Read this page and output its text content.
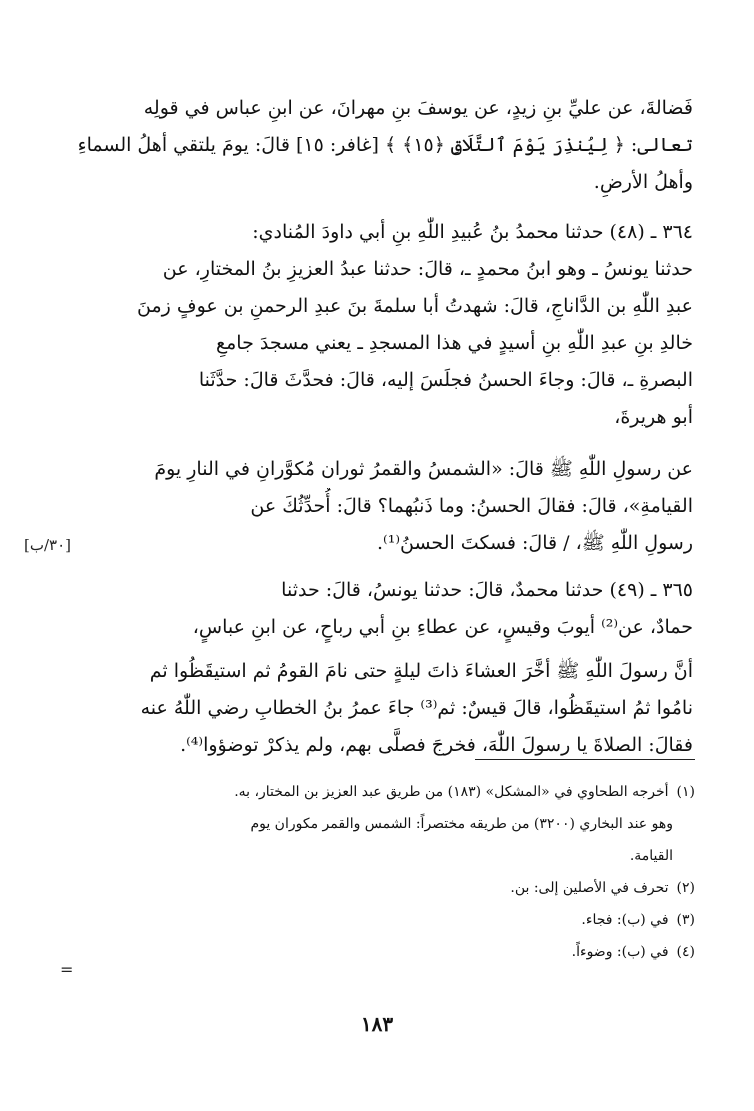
فَضالةَ، عن عليِّ بنِ زيدٍ، عن يوسفَ بنِ مهرانَ، عن ابنِ عباس في قولِه
تعالى: ﴿ لِيُنذِرَ يَوْمَ ٱلتَّلَاقِ ﴿١٥﴾ ﴾ [غافر: ١٥] قالَ: يومَ يلتقي أهلُ السماءِ
وأهلُ الأرضِ.
٣٦٤ ـ (٤٨) حدثنا محمدُ بنُ عُبيدِ اللّٰهِ بنِ أبي داودَ المُنادي:
حدثنا يونسُ ـ وهو ابنُ محمدٍ ـ، قالَ: حدثنا عبدُ العزيزِ بنُ المختارِ، عن
عبدِ اللّٰهِ بن الدَّاناجِ، قالَ: شهدتُ أبا سلمةَ بنَ عبدِ الرحمنِ بن عوفٍ زمنَ
خالدِ بنِ عبدِ اللّٰهِ بنِ أسيدٍ في هذا المسجدِ ـ يعني مسجدَ جامعِ
البصرةِ ـ، قالَ: وجاءَ الحسنُ فجلَسَ إليه، قالَ: فحدَّثَ قالَ: حدَّثَنا
أبو هريرةَ،
عن رسولِ اللّٰهِ ﷺ قالَ: «الشمسُ والقمرُ ثوران مُكوَّرانِ في النارِ يومَ
القيامةِ»، قالَ: فقالَ الحسنُ: وما ذَنبُهما؟ قالَ: أُحدِّثُكَ عن
رسولِ اللّٰهِ ﷺ، / قالَ: فسكتَ الحسنُ⁽¹⁾.
[٣٠/ب]
٣٦٥ ـ (٤٩) حدثنا محمدٌ، قالَ: حدثنا يونسُ، قالَ: حدثنا
حمادٌ، عن⁽²⁾ أيوبَ وقيسٍ، عن عطاءِ بنِ أبي رباحٍ، عن ابنِ عباسٍ،
أنَّ رسولَ اللّٰهِ ﷺ أخَّرَ العشاءَ ذاتَ ليلةٍ حتى نامَ القومُ ثم استيقَظُوا ثم
نامُوا ثمُ استيقَظُوا، قالَ قيسٌ: ثم⁽³⁾ جاءَ عمرُ بنُ الخطابِ رضي اللّٰهُ عنه
فقالَ: الصلاةَ يا رسولَ اللّٰهَ، فخرجَ فصلَّى بهم، ولم يذكرْ توضؤوا⁽⁴⁾.
(١) أخرجه الطحاوي في «المشكل» (١٨٣) من طريق عبد العزيز بن المختار، به.
وهو عند البخاري (٣٢٠٠) من طريقه مختصراً: الشمس والقمر مكوران يوم
القيامة.
(٢) تحرف في الأصلين إلى: بن.
(٣) في (ب): فجاء.
(٤) في (ب): وضوءاً.
=
١٨٣
